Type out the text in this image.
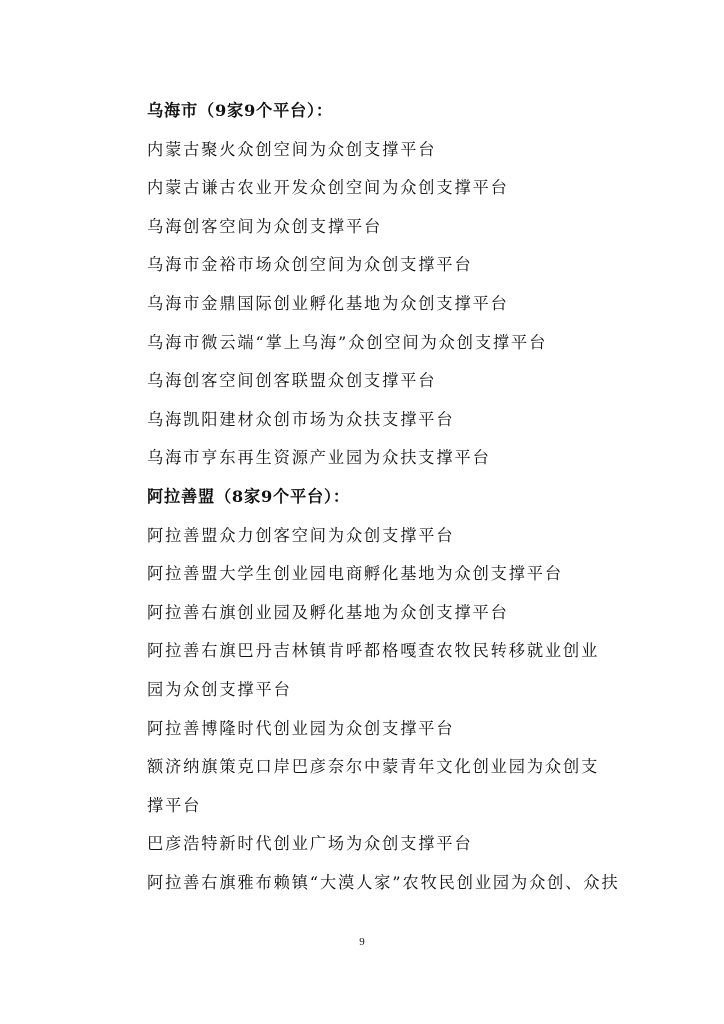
乌海市（9家9个平台）：
内蒙古聚火众创空间为众创支撑平台
内蒙古谦古农业开发众创空间为众创支撑平台
乌海创客空间为众创支撑平台
乌海市金裕市场众创空间为众创支撑平台
乌海市金鼎国际创业孵化基地为众创支撑平台
乌海市微云端“掌上乌海”众创空间为众创支撑平台
乌海创客空间创客联盟众创支撑平台
乌海凯阳建材众创市场为众扶支撑平台
乌海市亨东再生资源产业园为众扶支撑平台
阿拉善盟（8家9个平台）：
阿拉善盟众力创客空间为众创支撑平台
阿拉善盟大学生创业园电商孵化基地为众创支撑平台
阿拉善右旗创业园及孵化基地为众创支撑平台
阿拉善右旗巴丹吉林镇肯呼都格嘎查农牧民转移就业创业
园为众创支撑平台
阿拉善博隆时代创业园为众创支撑平台
额济纳旗策克口岸巴彦奈尔中蒙青年文化创业园为众创支
撑平台
巴彦浩特新时代创业广场为众创支撑平台
阿拉善右旗雅布赖镇“大漠人家”农牧民创业园为众创、众扶
9
